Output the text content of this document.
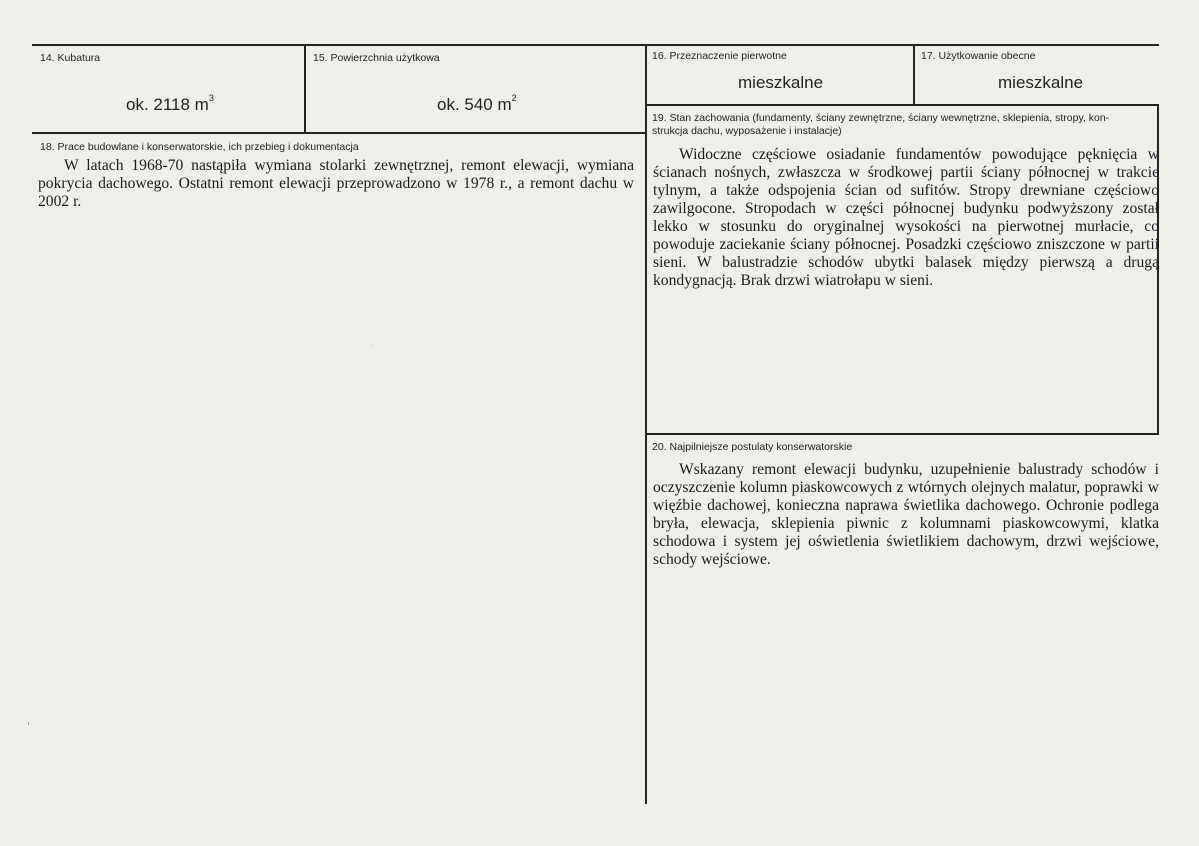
14. Kubatura
ok. 2118 $m^3$
15. Powierzchnia użytkowa
ok. 540 $m^2$
16. Przeznaczenie pierwotne
mieszkalne
17. Użytkowanie obecne
mieszkalne
18. Prace budowlane i konserwatorskie, ich przebieg i dokumentacja
W latach 1968-70 nastąpiła wymiana stolarki zewnętrznej, remont elewacji, wymiana pokrycia dachowego. Ostatni remont elewacji przeprowadzono w 1978 r., a remont dachu w 2002 r.
19. Stan zachowania (fundamenty, ściany zewnętrzne, ściany wewnętrzne, sklepienia, stropy, kon-
strukcja dachu, wyposażenie i instalacje)
Widoczne częściowe osiadanie fundamentów powodujące pęknięcia w ścianach nośnych, zwłaszcza w środkowej partii ściany północnej w trakcie tylnym, a także odspojenia ścian od sufitów. Stropy drewniane częściowo zawilgocone. Stropodach w części północnej budynku podwyższony został lekko w stosunku do oryginalnej wysokości na pierwotnej murłacie, co powoduje zaciekanie ściany północnej. Posadzki częściowo zniszczone w partii sieni. W balustradzie schodów ubytki balasek między pierwszą a drugą kondygnacją. Brak drzwi wiatrołapu w sieni.
20. Najpilniejsze postulaty konserwatorskie
Wskazany remont elewacji budynku, uzupełnienie balustrady schodów i oczyszczenie kolumn piaskowcowych z wtórnych olejnych malatur, poprawki w więźbie dachowej, konieczna naprawa świetlika dachowego. Ochronie podlega bryła, elewacja, sklepienia piwnic z kolumnami piaskowcowymi, klatka schodowa i system jej oświetlenia świetlikiem dachowym, drzwi wejściowe, schody wejściowe.
